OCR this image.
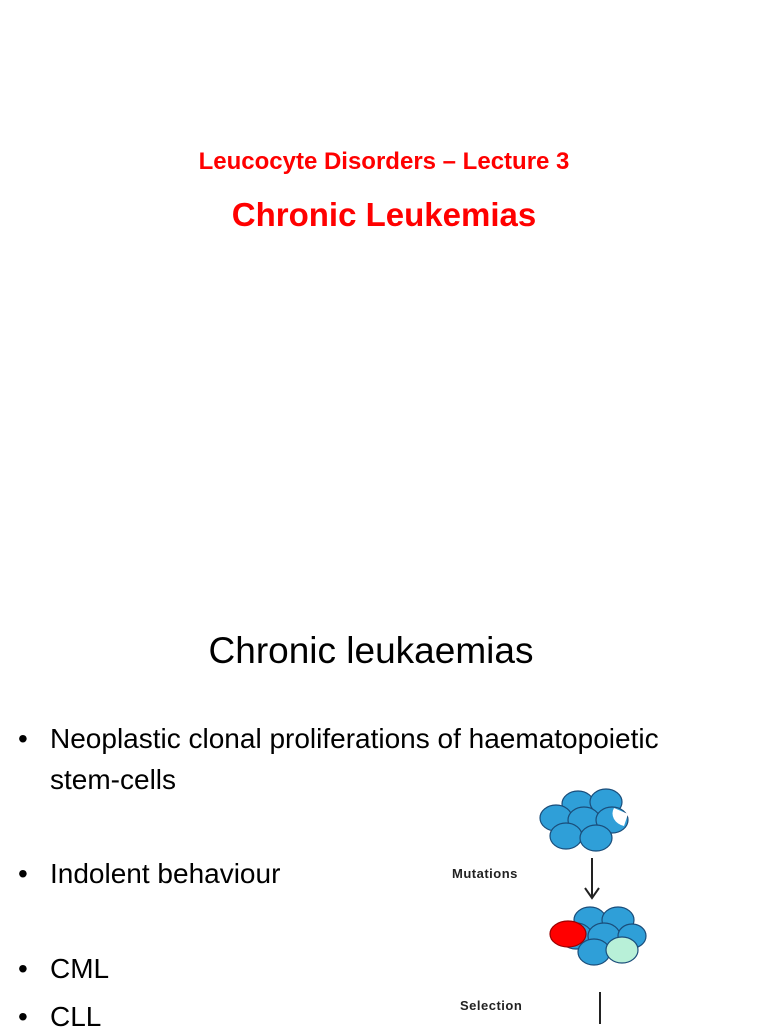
Leucocyte Disorders – Lecture 3
Chronic Leukemias
Chronic leukaemias
• Neoplastic clonal proliferations of haematopoietic
stem-cells
• Indolent behaviour
• CML
• CLL
Mutations
Selection
